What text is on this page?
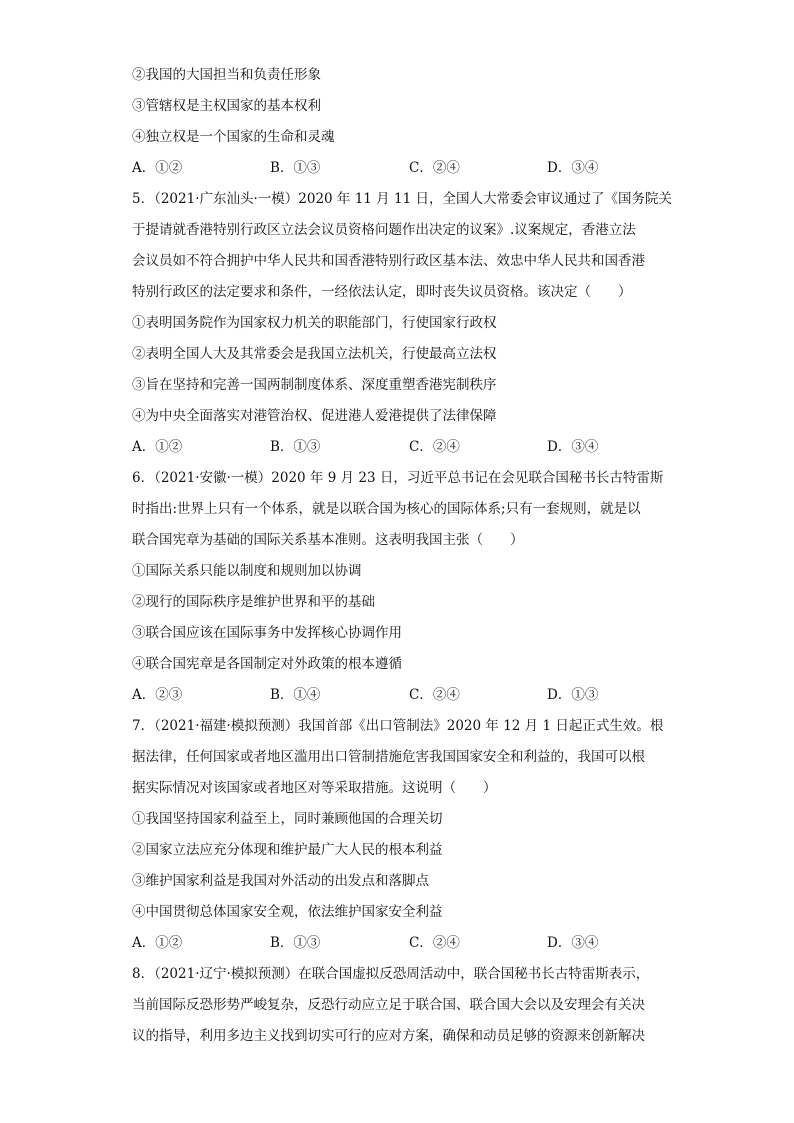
②我国的大国担当和负责任形象
③管辖权是主权国家的基本权利
④独立权是一个国家的生命和灵魂
A．①②	B．①③	C．②④	D．③④
5．（2021·广东汕头·一模）2020 年 11 月 11 日，全国人大常委会审议通过了《国务院关
于提请就香港特别行政区立法会议员资格问题作出决定的议案》.议案规定，香港立法
会议员如不符合拥护中华人民共和国香港特别行政区基本法、效忠中华人民共和国香港
特别行政区的法定要求和条件，一经依法认定，即时丧失议员资格。该决定（　　）
①表明国务院作为国家权力机关的职能部门，行使国家行政权
②表明全国人大及其常委会是我国立法机关，行使最高立法权
③旨在坚持和完善一国两制制度体系、深度重塑香港宪制秩序
④为中央全面落实对港管治权、促进港人爱港提供了法律保障
A．①②	B．①③	C．②④	D．③④
6．（2021·安徽·一模）2020 年 9 月 23 日，习近平总书记在会见联合国秘书长古特雷斯
时指出:世界上只有一个体系，就是以联合国为核心的国际体系;只有一套规则，就是以
联合国宪章为基础的国际关系基本准则。这表明我国主张（　　）
①国际关系只能以制度和规则加以协调
②现行的国际秩序是维护世界和平的基础
③联合国应该在国际事务中发挥核心协调作用
④联合国宪章是各国制定对外政策的根本遵循
A．②③	B．①④	C．②④	D．①③
7．（2021·福建·模拟预测）我国首部《出口管制法》2020 年 12 月 1 日起正式生效。根
据法律，任何国家或者地区滥用出口管制措施危害我国国家安全和利益的，我国可以根
据实际情况对该国家或者地区对等采取措施。这说明（　　）
①我国坚持国家利益至上，同时兼顾他国的合理关切
②国家立法应充分体现和维护最广大人民的根本利益
③维护国家利益是我国对外活动的出发点和落脚点
④中国贯彻总体国家安全观，依法维护国家安全利益
A．①②	B．①③	C．②④	D．③④
8．（2021·辽宁·模拟预测）在联合国虚拟反恐周活动中，联合国秘书长古特雷斯表示，
当前国际反恐形势严峻复杂，反恐行动应立足于联合国、联合国大会以及安理会有关决
议的指导，利用多边主义找到切实可行的应对方案，确保和动员足够的资源来创新解决
